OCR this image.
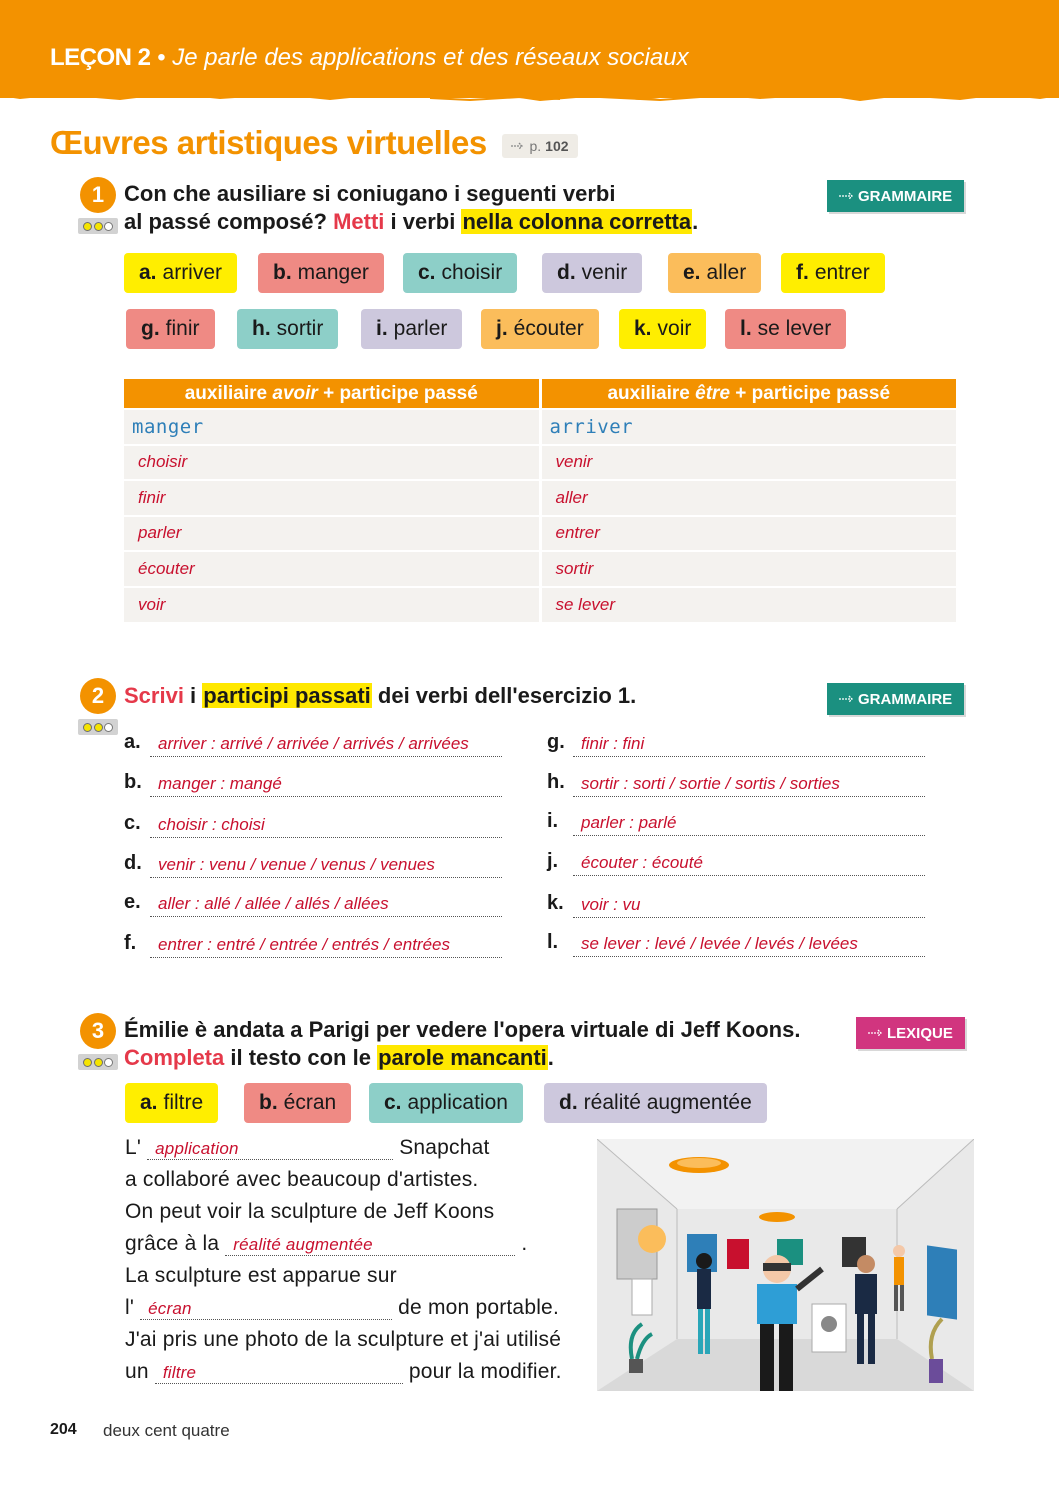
LEÇON 2 • Je parle des applications et des réseaux sociaux
Œuvres artistiques virtuelles	p. 102
1 Con che ausiliare si coniugano i seguenti verbi
al passé composé? Metti i verbi nella colonna corretta.
GRAMMAIRE
a. arriver b. manger c. choisir	d. venir	e. aller f. entrer
g. finir h. sortir	i. parler j. écouter k. voir l. se lever
auxiliaire avoir + participe passé	auxiliaire être + participe passé
manger	arriver
choisir	venir
finir	aller
parler	entrer
écouter	sortir
voir	se lever
2 Scrivi i participi passati dei verbi dell'esercizio 1.	GRAMMAIRE
a.	arriver : arrivé / arrivée / arrivés / arrivées
b. manger : mangé
c.	choisir : choisi
d. venir : venu / venue / venus / venues
e.	aller : allé / allée / allés / allées
f.	entrer : entré / entrée / entrés / entrées
g. finir : fini
h. sortir : sorti / sortie / sortis / sorties
i.	parler : parlé
j.	écouter : écouté
k.	voir : vu
l.	se lever : levé / levée / levés / levées
3 Émilie è andata a Parigi per vedere l'opera virtuale di Jeff Koons.
Completa il testo con le parole mancanti.
LEXIQUE
a. filtre	b. écran c. application d. réalité augmentée
L' application	Snapchat
a collaboré avec beaucoup d'artistes.
On peut voir la sculpture de Jeff Koons
grâce à la réalité augmentée	.
La sculpture est apparue sur
l' écran	de mon portable.
J'ai pris une photo de la sculpture et j'ai utilisé
un filtre	pour la modifier.
204 deux cent quatre
